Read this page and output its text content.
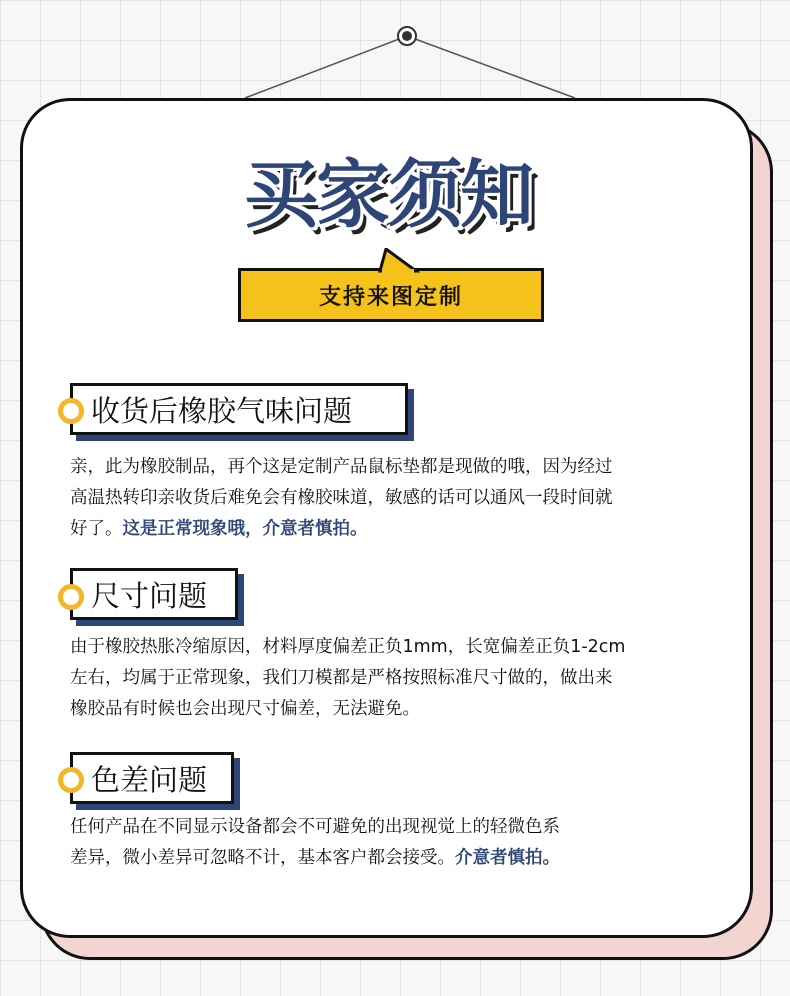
买家须知
支持来图定制
收货后橡胶气味问题
亲，此为橡胶制品，再个这是定制产品鼠标垫都是现做的哦，因为经过
高温热转印亲收货后难免会有橡胶味道，敏感的话可以通风一段时间就
好了。这是正常现象哦，介意者慎拍。
尺寸问题
由于橡胶热胀冷缩原因，材料厚度偏差正负1mm，长宽偏差正负1-2cm
左右，均属于正常现象，我们刀模都是严格按照标准尺寸做的，做出来
橡胶品有时候也会出现尺寸偏差，无法避免。
色差问题
任何产品在不同显示设备都会不可避免的出现视觉上的轻微色系
差异，微小差异可忽略不计，基本客户都会接受。介意者慎拍。
